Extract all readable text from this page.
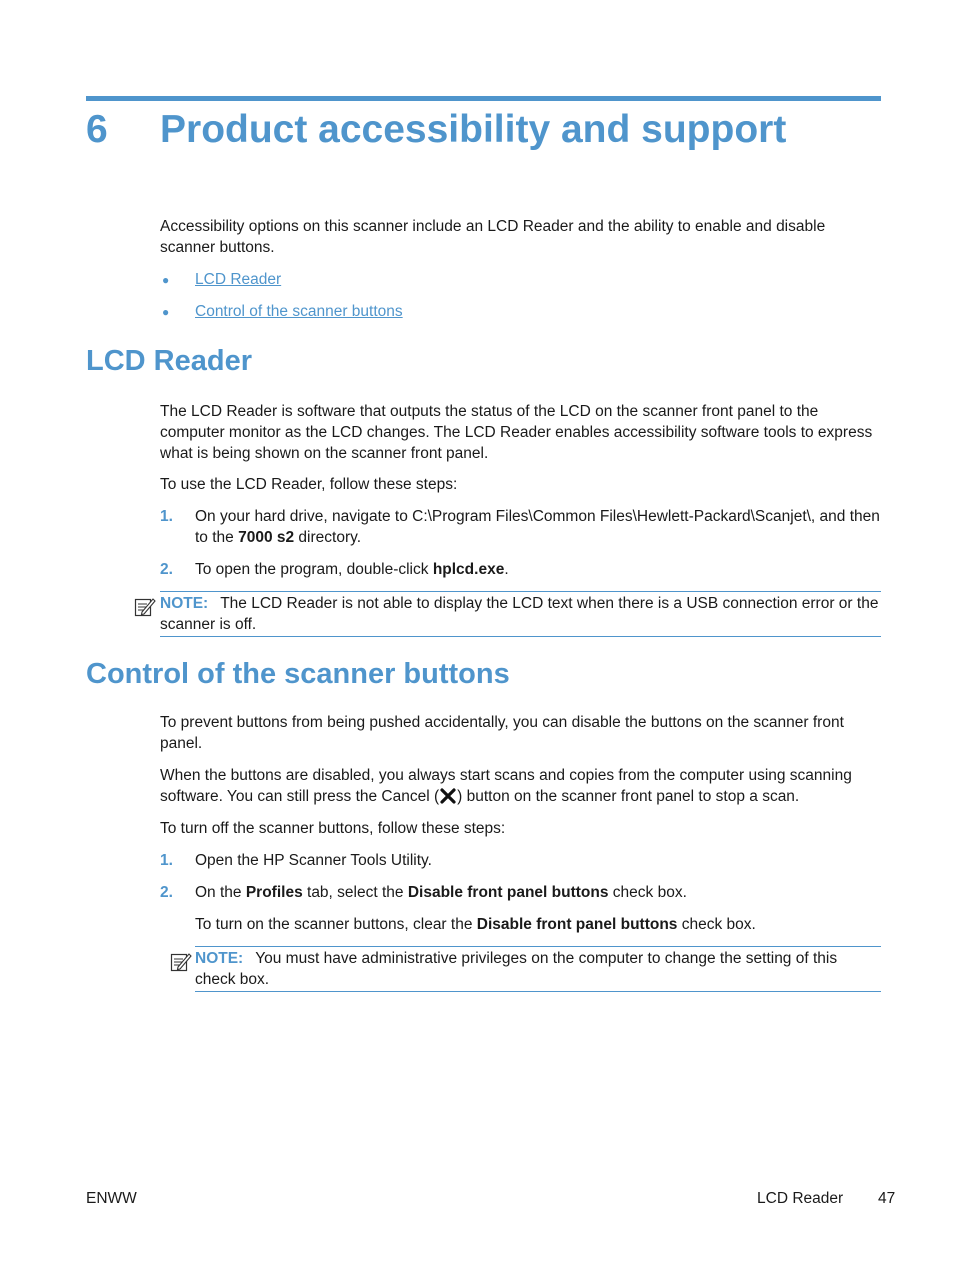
6 Product accessibility and support
Accessibility options on this scanner include an LCD Reader and the ability to enable and disable scanner buttons.
● LCD Reader
● Control of the scanner buttons
LCD Reader
The LCD Reader is software that outputs the status of the LCD on the scanner front panel to the computer monitor as the LCD changes. The LCD Reader enables accessibility software tools to express what is being shown on the scanner front panel.
To use the LCD Reader, follow these steps:
1. On your hard drive, navigate to C:\Program Files\Common Files\Hewlett-Packard\Scanjet\, and then to the 7000 s2 directory.
2. To open the program, double-click hplcd.exe.
NOTE: The LCD Reader is not able to display the LCD text when there is a USB connection error or the scanner is off.
Control of the scanner buttons
To prevent buttons from being pushed accidentally, you can disable the buttons on the scanner front panel.
When the buttons are disabled, you always start scans and copies from the computer using scanning software. You can still press the Cancel ( ) button on the scanner front panel to stop a scan.
To turn off the scanner buttons, follow these steps:
1. Open the HP Scanner Tools Utility.
2. On the Profiles tab, select the Disable front panel buttons check box.
To turn on the scanner buttons, clear the Disable front panel buttons check box.
NOTE: You must have administrative privileges on the computer to change the setting of this check box.
ENWW	LCD Reader 47
